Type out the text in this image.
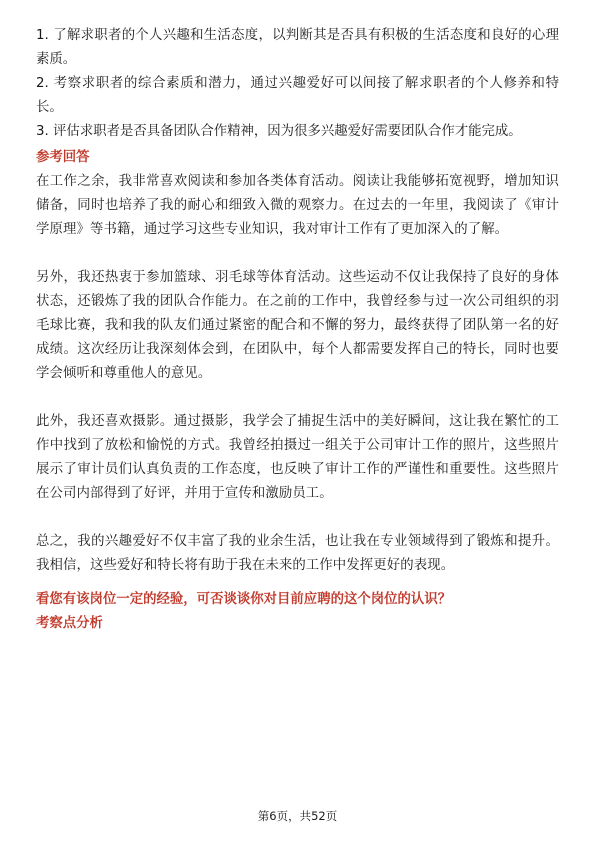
1. 了解求职者的个人兴趣和生活态度，以判断其是否具有积极的生活态度和良好的心理素质。

2. 考察求职者的综合素质和潜力，通过兴趣爱好可以间接了解求职者的个人修养和特长。

3. 评估求职者是否具备团队合作精神，因为很多兴趣爱好需要团队合作才能完成。

参考回答

在工作之余，我非常喜欢阅读和参加各类体育活动。阅读让我能够拓宽视野，增加知识储备，同时也培养了我的耐心和细致入微的观察力。在过去的一年里，我阅读了《审计学原理》等书籍，通过学习这些专业知识，我对审计工作有了更加深入的了解。

另外，我还热衷于参加篮球、羽毛球等体育活动。这些运动不仅让我保持了良好的身体状态，还锻炼了我的团队合作能力。在之前的工作中，我曾经参与过一次公司组织的羽毛球比赛，我和我的队友们通过紧密的配合和不懈的努力，最终获得了团队第一名的好成绩。这次经历让我深刻体会到，在团队中，每个人都需要发挥自己的特长，同时也要学会倾听和尊重他人的意见。

此外，我还喜欢摄影。通过摄影，我学会了捕捉生活中的美好瞬间，这让我在繁忙的工作中找到了放松和愉悦的方式。我曾经拍摄过一组关于公司审计工作的照片，这些照片展示了审计员们认真负责的工作态度，也反映了审计工作的严谨性和重要性。这些照片在公司内部得到了好评，并用于宣传和激励员工。

总之，我的兴趣爱好不仅丰富了我的业余生活，也让我在专业领域得到了锻炼和提升。我相信，这些爱好和特长将有助于我在未来的工作中发挥更好的表现。

看您有该岗位一定的经验，可否谈谈你对目前应聘的这个岗位的认识？

考察点分析

第6页，共52页
